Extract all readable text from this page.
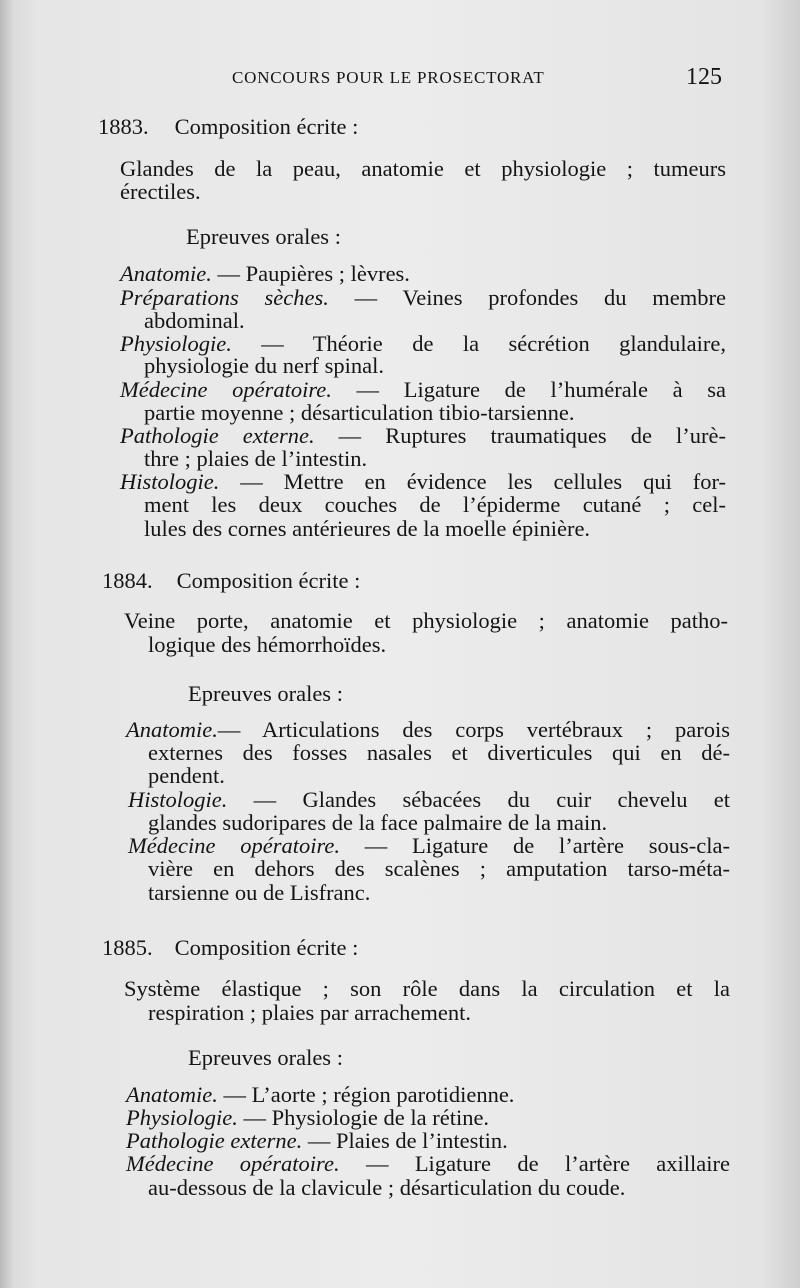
CONCOURS POUR LE PROSECTORAT	125
1883. Composition écrite :
Glandes de la peau, anatomie et physiologie ; tumeurs
érectiles.
Epreuves orales :
Anatomie. — Paupières ; lèvres.
Préparations sèches. — Veines profondes du membre
abdominal.
Physiologie. — Théorie de la sécrétion glandulaire,
physiologie du nerf spinal.
Médecine opératoire. — Ligature de l’humérale à sa
partie moyenne ; désarticulation tibio-tarsienne.
Pathologie externe. — Ruptures traumatiques de l’urè-
thre ; plaies de l’intestin.
Histologie. — Mettre en évidence les cellules qui for-
ment les deux couches de l’épiderme cutané ; cel-
lules des cornes antérieures de la moelle épinière.
1884. Composition écrite :
Veine porte, anatomie et physiologie ; anatomie patho-
logique des hémorrhoïdes.
Epreuves orales :
Anatomie.— Articulations des corps vertébraux ; parois
externes des fosses nasales et diverticules qui en dé-
pendent.
Histologie. — Glandes sébacées du cuir chevelu et
glandes sudoripares de la face palmaire de la main.
Médecine opératoire. — Ligature de l’artère sous-cla-
vière en dehors des scalènes ; amputation tarso-méta-
tarsienne ou de Lisfranc.
1885. Composition écrite :
Système élastique ; son rôle dans la circulation et la
respiration ; plaies par arrachement.
Epreuves orales :
Anatomie. — L’aorte ; région parotidienne.
Physiologie. — Physiologie de la rétine.
Pathologie externe. — Plaies de l’intestin.
Médecine opératoire. — Ligature de l’artère axillaire
au-dessous de la clavicule ; désarticulation du coude.
